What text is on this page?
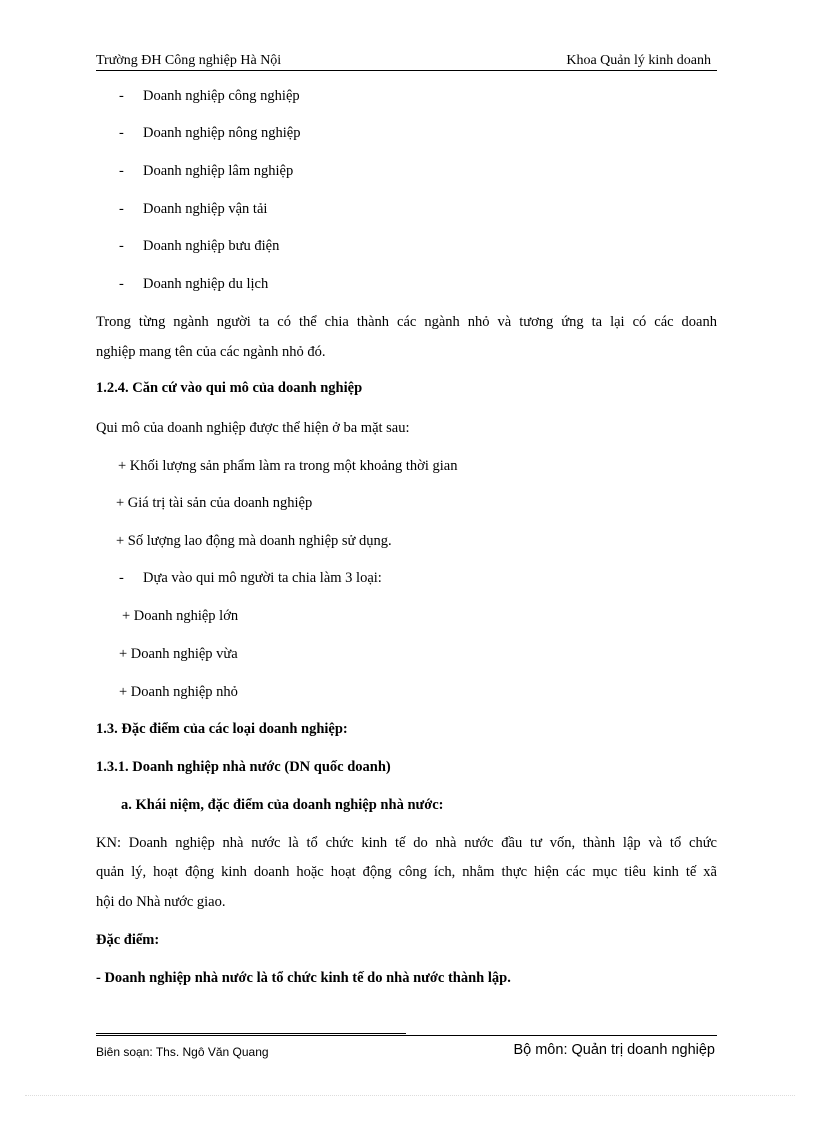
Trường ĐH Công nghiệp Hà Nội	Khoa Quản lý kinh doanh
- Doanh nghiệp công nghiệp
- Doanh nghiệp nông nghiệp
- Doanh nghiệp lâm nghiệp
- Doanh nghiệp vận tải
- Doanh nghiệp bưu điện
- Doanh nghiệp du lịch
Trong từng ngành người ta có thể chia thành các ngành nhỏ và tương ứng ta lại có các doanh
nghiệp mang tên của các ngành nhỏ đó.
1.2.4. Căn cứ vào qui mô của doanh nghiệp
Qui mô của doanh nghiệp được thể hiện ở ba mặt sau:
+ Khối lượng sản phẩm làm ra trong một khoảng thời gian
+ Giá trị tài sản của doanh nghiệp
+ Số lượng lao động mà doanh nghiệp sử dụng.
- Dựa vào qui mô người ta chia làm 3 loại:
+ Doanh nghiệp lớn
+ Doanh nghiệp vừa
+ Doanh nghiệp nhỏ
1.3. Đặc điểm của các loại doanh nghiệp:
1.3.1. Doanh nghiệp nhà nước (DN quốc doanh)
a. Khái niệm, đặc điểm của doanh nghiệp nhà nước:
KN: Doanh nghiệp nhà nước là tổ chức kinh tế do nhà nước đầu tư vốn, thành lập và tổ chức
quản lý, hoạt động kinh doanh hoặc hoạt động công ích, nhằm thực hiện các mục tiêu kinh tế xã
hội do Nhà nước giao.
Đặc điểm:
- Doanh nghiệp nhà nước là tổ chức kinh tế do nhà nước thành lập.
Biên soạn: Ths. Ngô Văn Quang	Bộ môn: Quản trị doanh nghiệp
